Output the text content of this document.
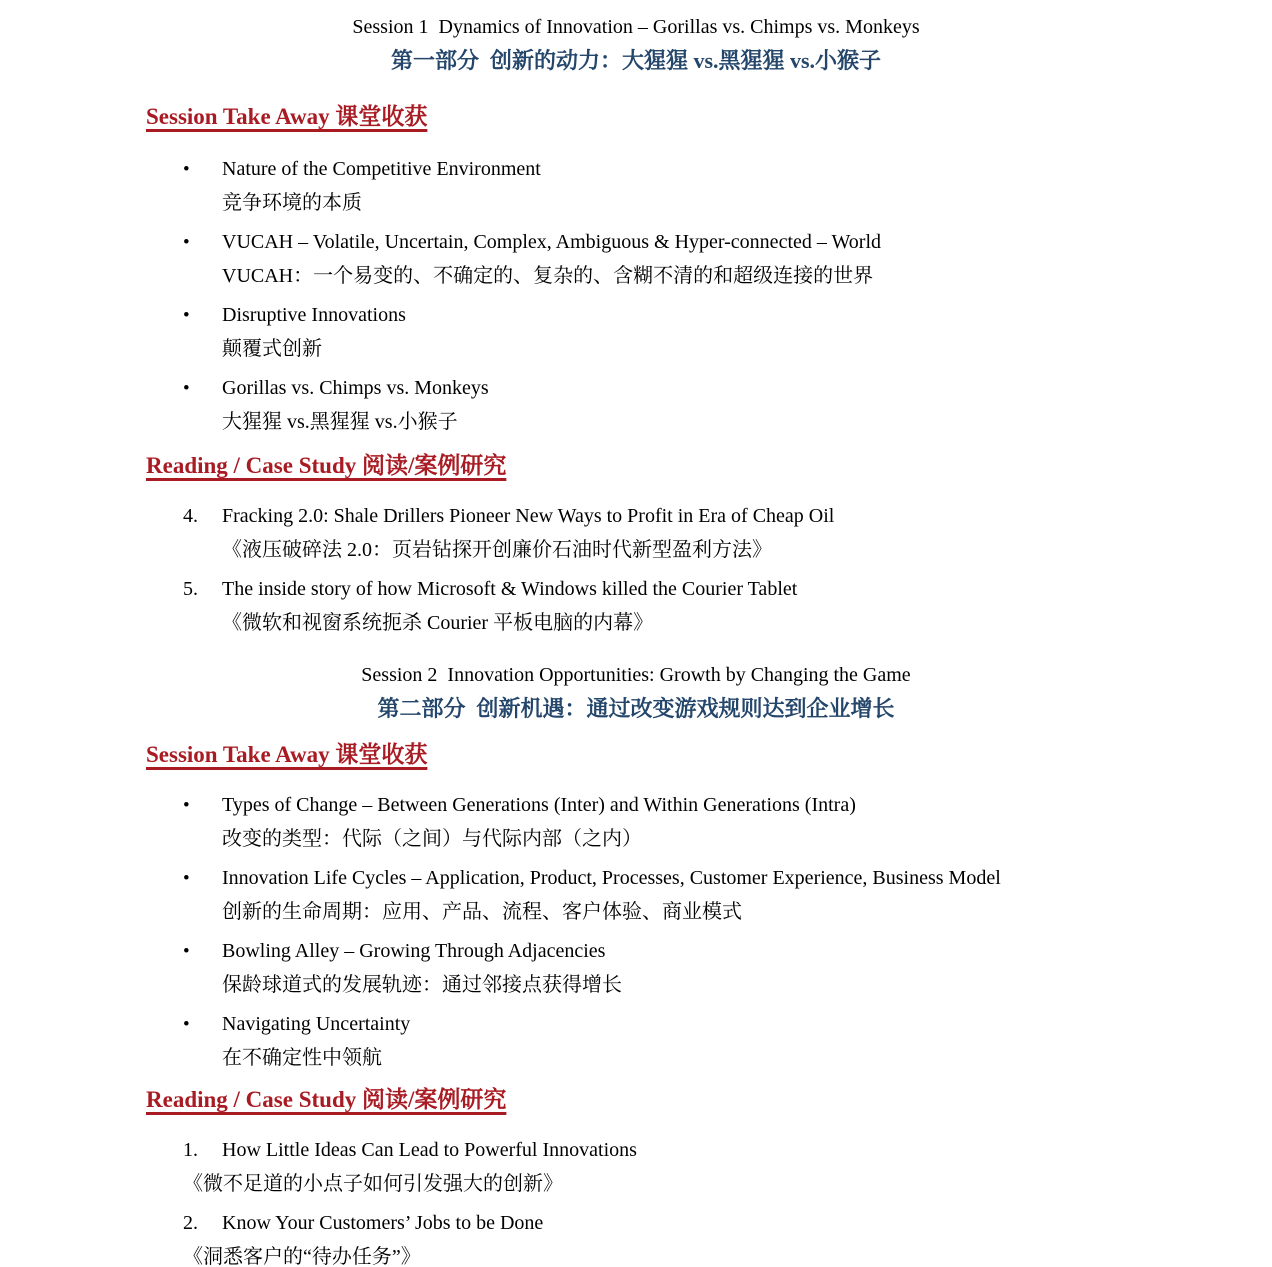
Session 1  Dynamics of Innovation – Gorillas vs. Chimps vs. Monkeys
第一部分  创新的动力：大猩猩 vs.黑猩猩 vs.小猴子
Session Take Away 课堂收获
•
Nature of the Competitive Environment
竞争环境的本质
•
VUCAH – Volatile, Uncertain, Complex, Ambiguous & Hyper-connected – World
VUCAH：一个易变的、不确定的、复杂的、含糊不清的和超级连接的世界
•
Disruptive Innovations
颠覆式创新
•
Gorillas vs. Chimps vs. Monkeys
大猩猩 vs.黑猩猩 vs.小猴子
Reading / Case Study 阅读/案例研究
4.	Fracking 2.0: Shale Drillers Pioneer New Ways to Profit in Era of Cheap Oil
《液压破碎法 2.0：页岩钻探开创廉价石油时代新型盈利方法》
5.	The inside story of how Microsoft & Windows killed the Courier Tablet
《微软和视窗系统扼杀 Courier 平板电脑的内幕》
Session 2  Innovation Opportunities: Growth by Changing the Game
第二部分  创新机遇：通过改变游戏规则达到企业增长
Session Take Away 课堂收获
•
Types of Change – Between Generations (Inter) and Within Generations (Intra)
改变的类型：代际（之间）与代际内部（之内）
•
Innovation Life Cycles – Application, Product, Processes, Customer Experience, Business Model
创新的生命周期：应用、产品、流程、客户体验、商业模式
•
Bowling Alley – Growing Through Adjacencies
保龄球道式的发展轨迹：通过邻接点获得增长
•
Navigating Uncertainty
在不确定性中领航
Reading / Case Study 阅读/案例研究
1.	How Little Ideas Can Lead to Powerful Innovations
《微不足道的小点子如何引发强大的创新》
2.	Know Your Customers’ Jobs to be Done
《洞悉客户的“待办任务”》
